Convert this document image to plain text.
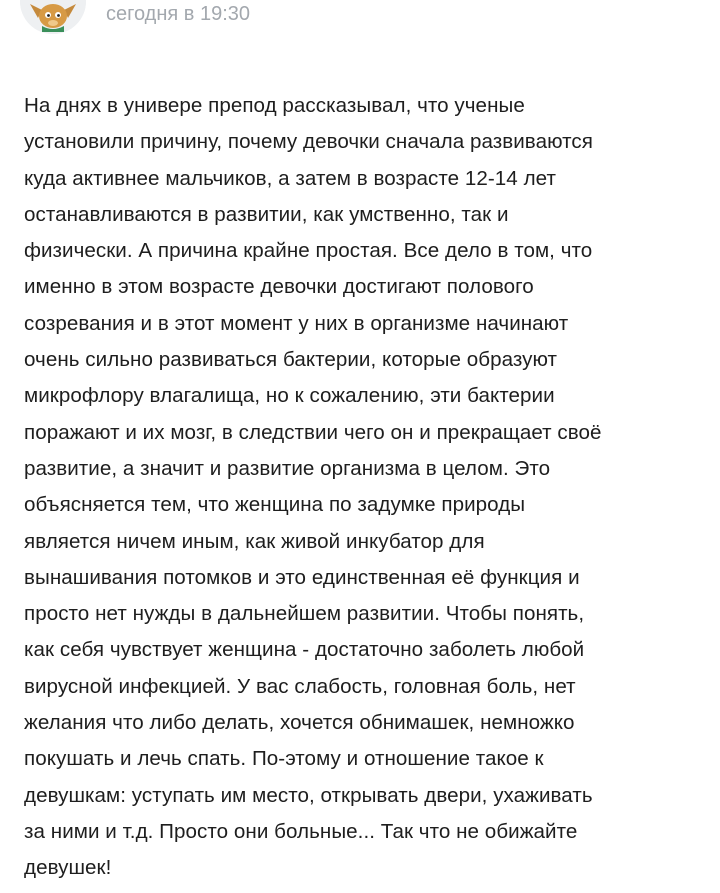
сегодня в 19:30
На днях в универе препод рассказывал, что ученые
установили причину, почему девочки сначала развиваются
куда активнее мальчиков, а затем в возрасте 12-14 лет
останавливаются в развитии, как умственно, так и
физически. А причина крайне простая. Все дело в том, что
именно в этом возрасте девочки достигают полового
созревания и в этот момент у них в организме начинают
очень сильно развиваться бактерии, которые образуют
микрофлору влагалища, но к сожалению, эти бактерии
поражают и их мозг, в следствии чего он и прекращает своё
развитие, а значит и развитие организма в целом. Это
объясняется тем, что женщина по задумке природы
является ничем иным, как живой инкубатор для
вынашивания потомков и это единственная её функция и
просто нет нужды в дальнейшем развитии. Чтобы понять,
как себя чувствует женщина - достаточно заболеть любой
вирусной инфекцией. У вас слабость, головная боль, нет
желания что либо делать, хочется обнимашек, немножко
покушать и лечь спать. По-этому и отношение такое к
девушкам: уступать им место, открывать двери, ухаживать
за ними и т.д. Просто они больные... Так что не обижайте
девушек!
